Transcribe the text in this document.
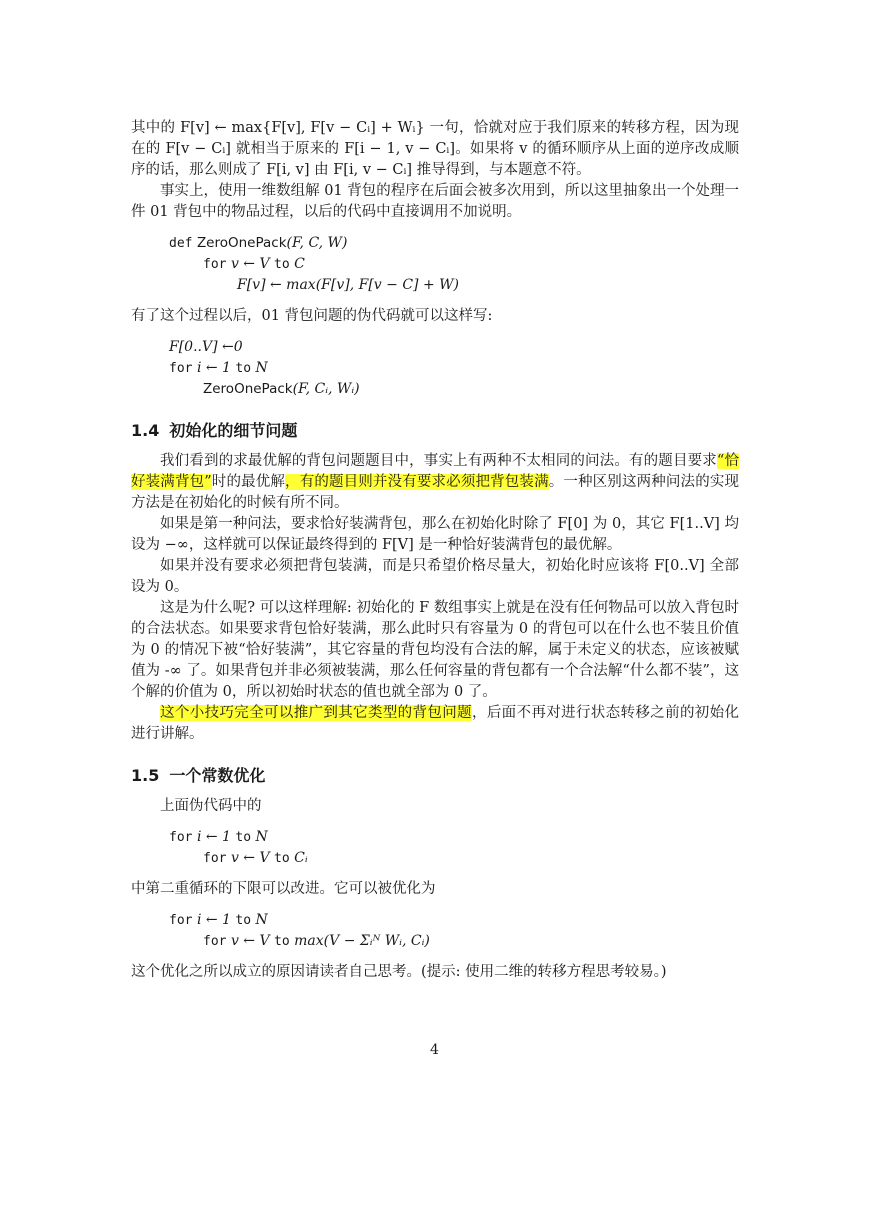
其中的 F[v] ← max{F[v], F[v − Cᵢ] + Wᵢ} 一句，恰就对应于我们原来的转移方程，因为现在的 F[v − Cᵢ] 就相当于原来的 F[i − 1, v − Cᵢ]。如果将 v 的循环顺序从上面的逆序改成顺序的话，那么则成了 F[i, v] 由 F[i, v − Cᵢ] 推导得到，与本题意不符。

事实上，使用一维数组解 01 背包的程序在后面会被多次用到，所以这里抽象出一个处理一件 01 背包中的物品过程，以后的代码中直接调用不加说明。

def ZeroOnePack(F, C, W)
for v ← V to C
F[v] ← max(F[v], F[v − C] + W)

有了这个过程以后，01 背包问题的伪代码就可以这样写:

F[0..V] ←0
for i ← 1 to N
ZeroOnePack(F, Cᵢ, Wᵢ)
1.4 初始化的细节问题

我们看到的求最优解的背包问题题目中，事实上有两种不太相同的问法。有的题目要求“恰好装满背包”时的最优解，有的题目则并没有要求必须把背包装满。一种区别这两种问法的实现方法是在初始化的时候有所不同。

如果是第一种问法，要求恰好装满背包，那么在初始化时除了 F[0] 为 0，其它 F[1..V] 均设为 −∞，这样就可以保证最终得到的 F[V] 是一种恰好装满背包的最优解。

如果并没有要求必须把背包装满，而是只希望价格尽量大，初始化时应该将 F[0..V] 全部设为 0。

这是为什么呢? 可以这样理解: 初始化的 F 数组事实上就是在没有任何物品可以放入背包时的合法状态。如果要求背包恰好装满，那么此时只有容量为 0 的背包可以在什么也不装且价值为 0 的情况下被“恰好装满”，其它容量的背包均没有合法的解，属于未定义的状态，应该被赋值为 -∞ 了。如果背包并非必须被装满，那么任何容量的背包都有一个合法解“什么都不装”，这个解的价值为 0，所以初始时状态的值也就全部为 0 了。

这个小技巧完全可以推广到其它类型的背包问题，后面不再对进行状态转移之前的初始化进行讲解。

1.5 一个常数优化

上面伪代码中的

for i ← 1 to N
for v ← V to Cᵢ

中第二重循环的下限可以改进。它可以被优化为

for i ← 1 to N
for v ← V to max(V − Σᵢᴺ Wᵢ, Cᵢ)

这个优化之所以成立的原因请读者自己思考。(提示: 使用二维的转移方程思考较易。)

4
